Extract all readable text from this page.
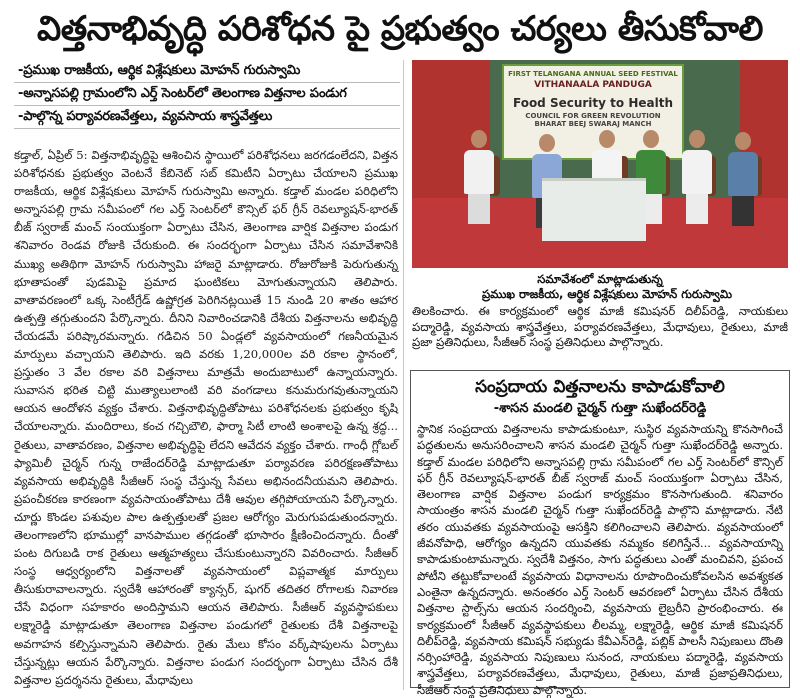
విత్తనాభివృద్ధి పరిశోధన పై ప్రభుత్వం చర్యలు తీసుకోవాలి
-ప్రముఖ రాజకీయ, ఆర్థిక విశ్లేషకులు మోహన్ గురుస్వామి
-అన్నాసపల్లి గ్రామంలోని ఎర్త్ సెంటర్‌లో తెలంగాణ విత్తనాల పండుగ
-పాల్గొన్న పర్యావరణవేత్తలు, వ్యవసాయ శాస్త్రవేత్తలు

కడ్తాల్, ఏప్రిల్ 5: విత్తనాభివృద్ధిపై ఆశించిన స్థాయిలో పరిశోధనలు జరగడంలేదని, విత్తన పరిశోధనకు ప్రభుత్వం వెంటనే కేబినెట్ సబ్ కమిటీని ఏర్పాటు చేయాలని ప్రముఖ రాజకీయ, ఆర్థిక విశ్లేషకులు మోహన్ గురుస్వామి అన్నారు. కడ్తాల్ మండల పరిధిలోని అన్నాసపల్లి గ్రామ సమీపంలో గల ఎర్త్ సెంటర్‌లో కౌన్సిల్ ఫర్ గ్రీన్ రెవల్యూషన్-భారత్ బీజ్ స్వరాజ్ మంచ్ సంయుక్తంగా ఏర్పాటు చేసిన, తెలంగాణ వార్షిక విత్తనాల పండుగ శనివారం రెండవ రోజుకి చేరుకుంది. ఈ సందర్భంగా ఏర్పాటు చేసిన సమావేశానికి ముఖ్య అతిథిగా మోహన్ గురుస్వామి హాజరై మాట్లాడారు. రోజురోజుకి పెరుగుతున్న భూతాపంతో పుడమిపై ప్రమాద ఘంటికలు మోగుతున్నాయని తెలిపారు. వాతావరణంలో ఒక్క సెంటీగ్రేడ్ ఉష్ణోగ్రత పెరిగినట్లయితే 15 నుండి 20 శాతం ఆహార ఉత్పత్తి తగ్గుతుందని పేర్కొన్నారు. దీనిని నివారించడానికి దేశీయ విత్తనాలను అభివృద్ధి చేయడమే పరిష్కారమన్నారు. గడిచిన 50 ఏండ్లలో వ్యవసాయంలో గణనీయమైన మార్పులు వచ్చాయని తెలిపారు. ఇది వరకు 1,20,000ల వరి రకాల స్థానంలో, ప్రస్తుతం 3 వేల రకాల వరి విత్తనాలు మాత్రమే అందుబాటులో ఉన్నాయన్నారు. సువాసన భరిత చిట్టి ముత్యాలులాంటి వరి వంగడాలు కనుమరుగవుతున్నాయని ఆయన ఆందోళన వ్యక్తం చేశారు. విత్తనాభివృద్ధితోపాటు పరిశోధనలకు ప్రభుత్వం కృషి చేయాలన్నారు. మందిరాలు, కంచ గచ్చిబౌలి, ఫార్మా సిటీ లాంటి అంశాలపై ఉన్న శ్రద్ధ... రైతులు, వాతావరణం, విత్తనాల అభివృద్ధిపై లేదని ఆవేదన వ్యక్తం చేశారు. గాంధీ గ్లోబల్ ఫ్యామిలీ చైర్మన్ గున్న రాజేందర్‌రెడ్డి మాట్లాడుతూ పర్యావరణ పరిరక్షణతోపాటు వ్యవసాయ అభివృద్ధికి సీజీఆర్ సంస్థ చేస్తున్న సేవలు అభినందనీయమని తెలిపారు. ప్రపంచీకరణ కారణంగా వ్యవసాయంతోపాటు దేశీ ఆవుల తగ్గిపోయాయని పేర్కొన్నారు. చూర్ణు కొండల పశువుల పాల ఉత్పత్తులతో ప్రజల ఆరోగ్యం మెరుగుపడుతుందన్నారు. తెలంగాణలోని భూముల్లో వానపాముల తగ్గడంతో భూసారం క్షీణించిందన్నారు. దీంతో పంట దిగుబడి రాక రైతులు ఆత్మహత్యలు చేసుకుంటున్నారని వివరించారు. సీజీఆర్ సంస్థ ఆధ్వర్యంలోని విత్తనాలతో వ్యవసాయంలో విప్లవాత్మక మార్పులు తీసుకురావాలన్నారు. స్వదేశీ ఆహారంతో క్యాన్సర్, షుగర్ తదితర రోగాలకు నివారణ చేసే విధంగా సహకారం అందిస్తామని ఆయన తెలిపారు. సీజీఆర్ వ్యవస్థాపకులు లక్ష్మారెడ్డి మాట్లాడుతూ తెలంగాణ విత్తనాల పండుగలో రైతులకు దేశీ విత్తనాలపై అవగాహన కల్పిస్తున్నామని తెలిపారు. రైతు మేలు కోసం వర్క్‌షాపులను ఏర్పాటు చేస్తున్నట్లు ఆయన పేర్కొన్నారు. విత్తనాల పండుగ సందర్భంగా ఏర్పాటు చేసిన దేశీ విత్తనాల ప్రదర్శనను రైతులు, మేధావులు

FIRST TELANGANA ANNUAL SEED FESTIVAL
VITHANAALA PANDUGA
Food Security to Health
COUNCIL FOR GREEN REVOLUTION
BHARAT BEEJ SWARAJ MANCH
సమావేశంలో మాట్లాడుతున్న
ప్రముఖ రాజకీయ, ఆర్థిక విశ్లేషకులు మోహన్ గురుస్వామి
తిలకించారు. ఈ కార్యక్రమంలో ఆర్థిక మాజీ కమిషనర్ దిలీప్‌రెడ్డి, నాయకులు పద్మారెడ్డి, వ్యవసాయ శాస్త్రవేత్తలు, పర్యావరణవేత్తలు, మేధావులు, రైతులు, మాజీ ప్రజా ప్రతినిధులు, సీజీఆర్ సంస్థ ప్రతినిధులు పాల్గొన్నారు.
సంప్రదాయ విత్తనాలను కాపాడుకోవాలి
-శాసన మండలి చైర్మన్ గుత్తా సుఖేందర్‌రెడ్డి
స్థానిక సంప్రదాయ విత్తనాలను కాపాడుకుంటూ, సుస్థిర వ్యవసాయన్ని కొనసాగించే పద్ధతులను అనుసరించాలని శాసన మండలి చైర్మన్ గుత్తా సుఖేందర్‌రెడ్డి అన్నారు. కడ్తాల్ మండల పరిధిలోని అన్నాసపల్లి గ్రామ సమీపంలో గల ఎర్త్ సెంటర్‌లో కౌన్సిల్ ఫర్ గ్రీన్ రెవల్యూషన్-భారత్ బీజ్ స్వరాజ్ మంచ్ సంయుక్తంగా ఏర్పాటు చేసిన, తెలంగాణ వార్షిక విత్తనాల పండుగ కార్యక్రమం కొనసాగుతుంది. శనివారం సాయంత్రం శాసన మండలి చైర్మన్ గుత్తా సుఖేందర్‌రెడ్డి పాల్గొని మాట్లాడారు. నేటి తరం యువతకు వ్యవసాయంపై ఆసక్తిని కలిగించాలని తెలిపారు. వ్యవసాయంలో జీవనోపాధి, ఆరోగ్యం ఉన్నదని యువతకు నమ్మకం కలిగిస్తేనే... వ్యవసాయాన్ని కాపాడుకుంటామన్నారు. స్వదేశీ విత్తనం, సాగు పద్ధతులు ఎంతో మంచివని, ప్రపంచ పోటీని తట్టుకోవాలంటే వ్యవసాయ విధానాలను రూపొందించుకోవలసిన అవశ్యకత ఎంతైనా ఉన్నదన్నారు. అనంతరం ఎర్త్ సెంటర్ ఆవరణలో ఏర్పాటు చేసిన దేశీయ విత్తనాల స్టాల్స్‌ను ఆయన సందర్శించి, వ్యవసాయ లైబ్రరీని ప్రారంభించారు. ఈ కార్యక్రమంలో సీజీఆర్ వ్యవస్థాపకులు లీలమ్మ, లక్ష్మారెడ్డి, ఆర్థిక మాజీ కమిషనర్ దిలీప్‌రెడ్డి, వ్యవసాయ కమిషన్ సభ్యుడు కేవీఎన్‌రెడ్డి, పబ్లిక్ పాలసీ నిపుణులు దొంతి నర్సింహారెడ్డి, వ్యవసాయ నిపుణులు సునంద, నాయకులు పద్మారెడ్డి, వ్యవసాయ శాస్త్రవేత్తలు, పర్యావరణవేత్తలు, మేధావులు, రైతులు, మాజీ ప్రజాప్రతినిధులు, సీజీఆర్ సంస్థ ప్రతినిధులు పాల్గొన్నారు.
